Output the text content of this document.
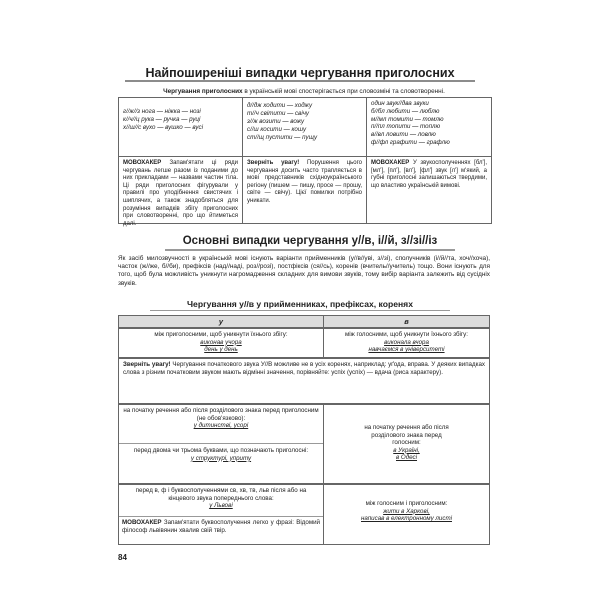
Найпоширеніші випадки чергування приголосних
Чергування приголосних в українській мові спостерігається при словозміні та словотворенні.
г//ж//з нога — ніжка — нозі
к//ч//ц рука — ручка — руці
х//ш//с вухо — вушко — вусі
МОВОХАКЕР Запам'ятати ці ряди чергувань легше разом із поданими до них прикладами — назвами частин тіла. Ці ряди приголосних фігурували у правилі про уподібнення свистячих і шиплячих, а також знадобляться для розуміння випадків збігу приголосних при словотворенні, про що йтиметься далі.
д//дж ходити — ходжу
т//ч світити — свічу
з//ж возити — вожу
с//ш косити — кошу
ст//щ пустити — пущу
Зверніть увагу! Порушення цього чергування досить часто трапляється в мові представників східноукраїнського регіону (пишем — пишу, просе — прошу, світе — свічу). Цієї помилки потрібно уникати.
один звук//два звуки
б//бл любити — люблю
м//мл томити — томлю
п//пл топити — топлю
в//вл ловити — ловлю
ф//фл графити — графлю
МОВОХАКЕР У звукосполученнях [бл'], [мл'], [пл'], [вл'], [фл'] звук [л'] м'який, а губні приголосні залишаються твердими, що властиво українській вимові.
Основні випадки чергування у//в, і//й, з//зі//із
Як засіб милозвучності в українській мові існують варіанти прийменників (у//в//уві, з//зі), сполучників (і//й//та, хоч//хоча), часток (ж//же, б//би), префіксів (над//наді, роз//розі), постфіксів (ся//сь), коренів (вчитель//учитель) тощо. Вони існують для того, щоб була можливість уникнути нагромадження складних для вимови звуків, тому вибір варіанта залежить від сусідніх звуків.
Чергування у//в у прийменниках, префіксах, коренях
у	в
між приголосними, щоб уникнути їхнього збігу:
виконав учора
день у день
між голосними, щоб уникнути їхнього збігу:
виконала вчора
навчаємся в університеті
Зверніть увагу! Чергування початкового звука У//В можливе не в усіх коренях, наприклад: уґода, вправа. У деяких випадках слова з різним початковим звуком мають відмінні значення, порівняйте: успіх (успіх) — вдача (риса характеру).
на початку речення або після розділового знака перед приголосним (не обов'язково):
у дитинстві, усорі
перед двома чи трьома буквами, що позначають приголосні:
у структурі, уприту
на початку речення або після розділового знака перед голосним:
в Україні,
в Одесі
перед в, ф і буквосполученнями св, хв, тв, льв після або на кінцевого звука попереднього слова:
у Львові
МОВОХАКЕР Запам'ятати буквосполучення легко у фразі: Відомий філософ львівянин хвалив свій твір.
між голосним і приголосним:
жити в Харкові,
написав в електронному листі
84
